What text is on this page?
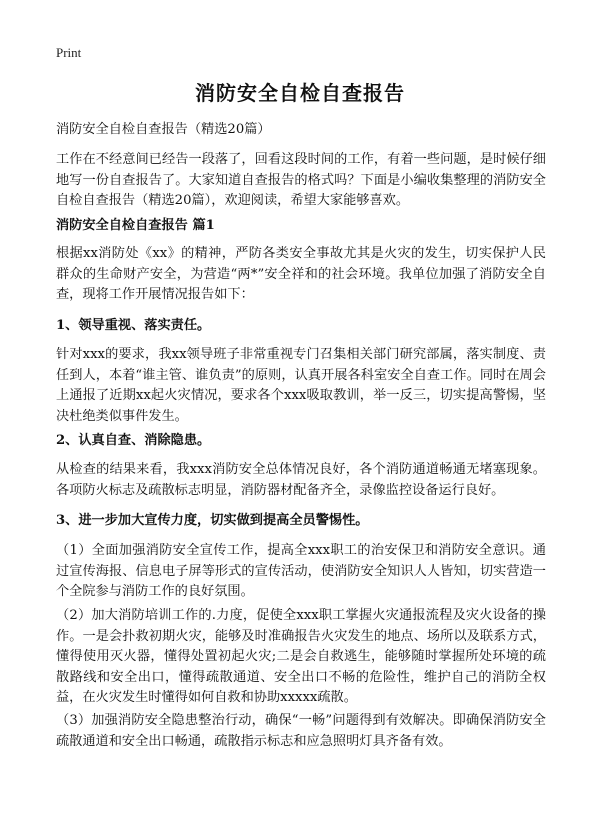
Print
消防安全自检自查报告

消防安全自检自查报告（精选20篇）

工作在不经意间已经告一段落了，回看这段时间的工作，有着一些问题，是时候仔细地写一份自查报告了。大家知道自查报告的格式吗？下面是小编收集整理的消防安全自检自查报告（精选20篇），欢迎阅读，希望大家能够喜欢。

消防安全自检自查报告 篇1

根据xx消防处《xx》的精神，严防各类安全事故尤其是火灾的发生，切实保护人民群众的生命财产安全，为营造“两*”安全祥和的社会环境。我单位加强了消防安全自查，现将工作开展情况报告如下：

1、领导重视、落实责任。

针对xxx的要求，我xx领导班子非常重视专门召集相关部门研究部属，落实制度、责任到人，本着“谁主管、谁负责”的原则，认真开展各科室安全自查工作。同时在周会上通报了近期xx起火灾情况，要求各个xxx吸取教训，举一反三，切实提高警惕，坚决杜绝类似事件发生。

2、认真自查、消除隐患。

从检查的结果来看，我xxx消防安全总体情况良好，各个消防通道畅通无堵塞现象。各项防火标志及疏散标志明显，消防器材配备齐全，录像监控设备运行良好。

3、进一步加大宣传力度，切实做到提高全员警惕性。

（1）全面加强消防安全宣传工作，提高全xxx职工的治安保卫和消防安全意识。通过宣传海报、信息电子屏等形式的宣传活动，使消防安全知识人人皆知，切实营造一个全院参与消防工作的良好氛围。

（2）加大消防培训工作的.力度，促使全xxx职工掌握火灾通报流程及灾火设备的操作。一是会扑救初期火灾，能够及时准确报告火灾发生的地点、场所以及联系方式，懂得使用灭火器，懂得处置初起火灾;二是会自救逃生，能够随时掌握所处环境的疏散路线和安全出口，懂得疏散通道、安全出口不畅的危险性，维护自己的消防全权益，在火灾发生时懂得如何自救和协助xxxxx疏散。

（3）加强消防安全隐患整治行动，确保“一畅”问题得到有效解决。即确保消防安全疏散通道和安全出口畅通，疏散指示标志和应急照明灯具齐备有效。
